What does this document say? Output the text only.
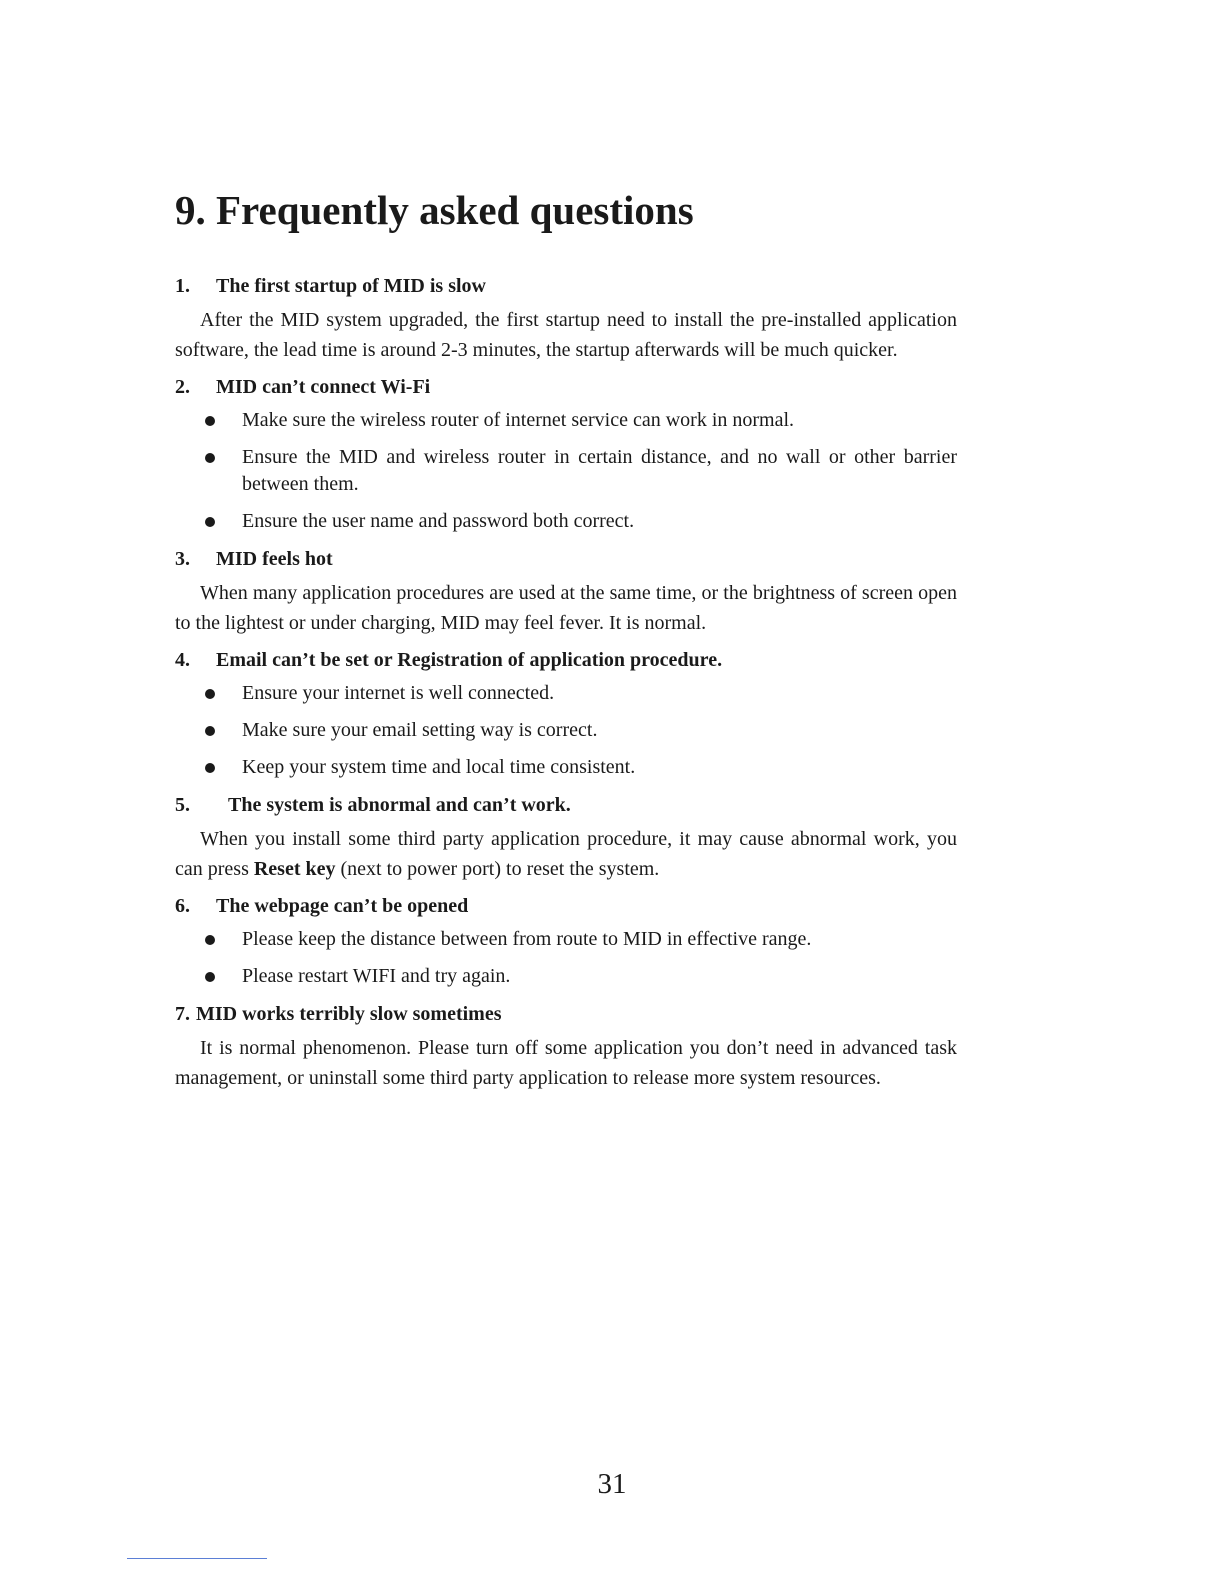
9. Frequently asked questions
1. The first startup of MID is slow

After the MID system upgraded, the first startup need to install the pre-installed application software, the lead time is around 2-3 minutes, the startup afterwards will be much quicker.

2. MID can’t connect Wi-Fi
Make sure the wireless router of internet service can work in normal.
Ensure the MID and wireless router in certain distance, and no wall or other barrier between them.
Ensure the user name and password both correct.
3. MID feels hot

When many application procedures are used at the same time, or the brightness of screen open to the lightest or under charging, MID may feel fever. It is normal.

4. Email can’t be set or Registration of application procedure.
Ensure your internet is well connected.
Make sure your email setting way is correct.
Keep your system time and local time consistent.
5. The system is abnormal and can’t work.

When you install some third party application procedure, it may cause abnormal work, you can press Reset key (next to power port) to reset the system.

6. The webpage can’t be opened
Please keep the distance between from route to MID in effective range.
Please restart WIFI and try again.
7. MID works terribly slow sometimes

It is normal phenomenon. Please turn off some application you don’t need in advanced task management, or uninstall some third party application to release more system resources.

31
